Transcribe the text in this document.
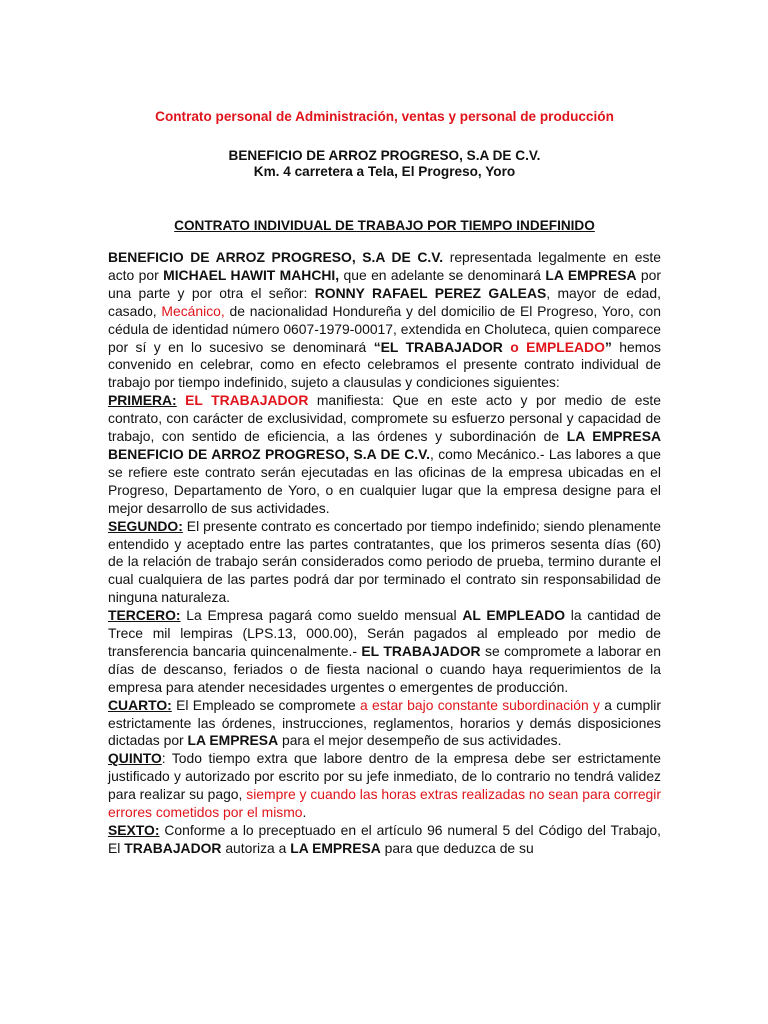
Contrato personal de Administración, ventas y personal de producción
BENEFICIO DE ARROZ PROGRESO, S.A DE C.V.
Km. 4 carretera a Tela, El Progreso, Yoro
CONTRATO INDIVIDUAL DE TRABAJO POR TIEMPO INDEFINIDO

BENEFICIO DE ARROZ PROGRESO, S.A DE C.V. representada legalmente en este acto por MICHAEL HAWIT MAHCHI, que en adelante se denominará LA EMPRESA por una parte y por otra el señor: RONNY RAFAEL PEREZ GALEAS, mayor de edad, casado, Mecánico, de nacionalidad Hondureña y del domicilio de El Progreso, Yoro, con cédula de identidad número 0607-1979-00017, extendida en Choluteca, quien comparece por sí y en lo sucesivo se denominará “EL TRABAJADOR o EMPLEADO” hemos convenido en celebrar, como en efecto celebramos el presente contrato individual de trabajo por tiempo indefinido, sujeto a clausulas y condiciones siguientes:

PRIMERA: EL TRABAJADOR manifiesta: Que en este acto y por medio de este contrato, con carácter de exclusividad, compromete su esfuerzo personal y capacidad de trabajo, con sentido de eficiencia, a las órdenes y subordinación de LA EMPRESA BENEFICIO DE ARROZ PROGRESO, S.A DE C.V., como Mecánico.- Las labores a que se refiere este contrato serán ejecutadas en las oficinas de la empresa ubicadas en el Progreso, Departamento de Yoro, o en cualquier lugar que la empresa designe para el mejor desarrollo de sus actividades.

SEGUNDO: El presente contrato es concertado por tiempo indefinido; siendo plenamente entendido y aceptado entre las partes contratantes, que los primeros sesenta días (60) de la relación de trabajo serán considerados como periodo de prueba, termino durante el cual cualquiera de las partes podrá dar por terminado el contrato sin responsabilidad de ninguna naturaleza.

TERCERO: La Empresa pagará como sueldo mensual AL EMPLEADO la cantidad de Trece mil lempiras (LPS.13, 000.00), Serán pagados al empleado por medio de transferencia bancaria quincenalmente.- EL TRABAJADOR se compromete a laborar en días de descanso, feriados o de fiesta nacional o cuando haya requerimientos de la empresa para atender necesidades urgentes o emergentes de producción.

CUARTO: El Empleado se compromete a estar bajo constante subordinación y a cumplir estrictamente las órdenes, instrucciones, reglamentos, horarios y demás disposiciones dictadas por LA EMPRESA para el mejor desempeño de sus actividades.

QUINTO: Todo tiempo extra que labore dentro de la empresa debe ser estrictamente justificado y autorizado por escrito por su jefe inmediato, de lo contrario no tendrá validez para realizar su pago, siempre y cuando las horas extras realizadas no sean para corregir errores cometidos por el mismo.

SEXTO: Conforme a lo preceptuado en el artículo 96 numeral 5 del Código del Trabajo, El TRABAJADOR autoriza a LA EMPRESA para que deduzca de su
